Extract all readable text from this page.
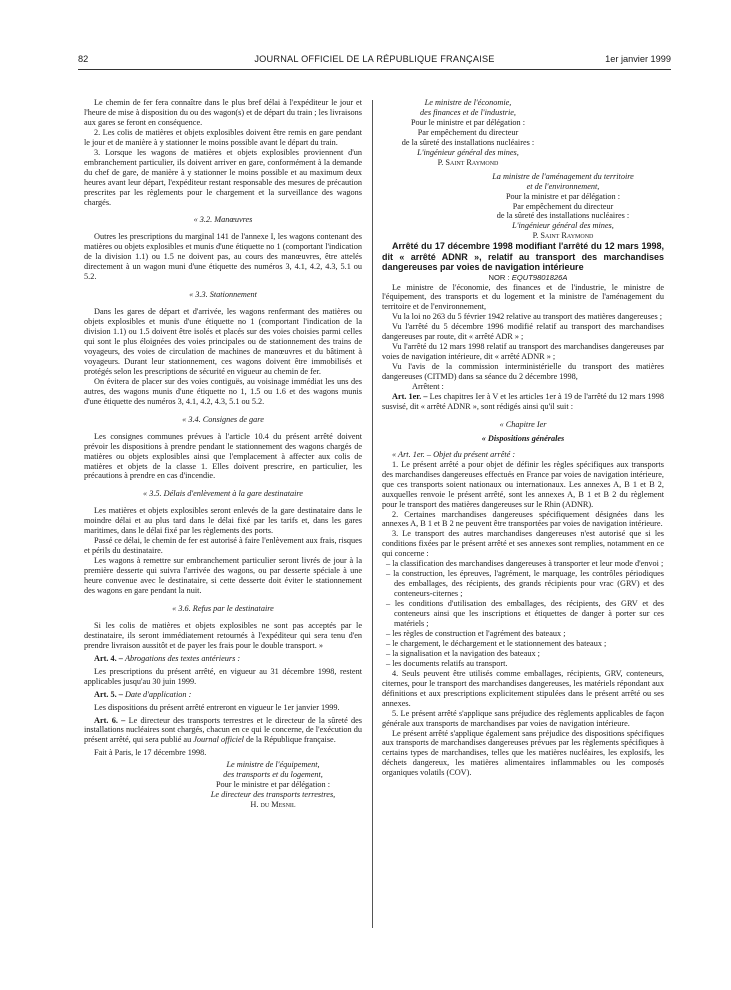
82	JOURNAL OFFICIEL DE LA RÉPUBLIQUE FRANÇAISE	1er janvier 1999

Le chemin de fer fera connaître dans le plus bref délai à l'expéditeur le jour et l'heure de mise à disposition du ou des wagon(s) et de départ du train ; les livraisons aux gares se feront en conséquence.

2. Les colis de matières et objets explosibles doivent être remis en gare pendant le jour et de manière à y stationner le moins possible avant le départ du train.

3. Lorsque les wagons de matières et objets explosibles proviennent d'un embranchement particulier, ils doivent arriver en gare, conformément à la demande du chef de gare, de manière à y stationner le moins possible et au maximum deux heures avant leur départ, l'expéditeur restant responsable des mesures de précaution prescrites par les règlements pour le chargement et la surveillance des wagons chargés.

« 3.2. Manœuvres

Outres les prescriptions du marginal 141 de l'annexe I, les wagons contenant des matières ou objets explosibles et munis d'une étiquette no 1 (comportant l'indication de la division 1.1) ou 1.5 ne doivent pas, au cours des manœuvres, être attelés directement à un wagon muni d'une étiquette des numéros 3, 4.1, 4.2, 4.3, 5.1 ou 5.2.

« 3.3. Stationnement

Dans les gares de départ et d'arrivée, les wagons renfermant des matières ou objets explosibles et munis d'une étiquette no 1 (comportant l'indication de la division 1.1) ou 1.5 doivent être isolés et placés sur des voies choisies parmi celles qui sont le plus éloignées des voies principales ou de stationnement des trains de voyageurs, des voies de circulation de machines de manœuvres et du bâtiment à voyageurs. Durant leur stationnement, ces wagons doivent être immobilisés et protégés selon les prescriptions de sécurité en vigueur au chemin de fer.

On évitera de placer sur des voies contiguës, au voisinage immédiat les uns des autres, des wagons munis d'une étiquette no 1, 1.5 ou 1.6 et des wagons munis d'une étiquette des numéros 3, 4.1, 4.2, 4.3, 5.1 ou 5.2.

« 3.4. Consignes de gare

Les consignes communes prévues à l'article 10.4 du présent arrêté doivent prévoir les dispositions à prendre pendant le stationnement des wagons chargés de matières ou objets explosibles ainsi que l'emplacement à affecter aux colis de matières et objets de la classe 1. Elles doivent prescrire, en particulier, les précautions à prendre en cas d'incendie.

« 3.5. Délais d'enlèvement à la gare destinataire

Les matières et objets explosibles seront enlevés de la gare destinataire dans le moindre délai et au plus tard dans le délai fixé par les tarifs et, dans les gares maritimes, dans le délai fixé par les règlements des ports.

Passé ce délai, le chemin de fer est autorisé à faire l'enlèvement aux frais, risques et périls du destinataire.

Les wagons à remettre sur embranchement particulier seront livrés de jour à la première desserte qui suivra l'arrivée des wagons, ou par desserte spéciale à une heure convenue avec le destinataire, si cette desserte doit éviter le stationnement des wagons en gare pendant la nuit.

« 3.6. Refus par le destinataire

Si les colis de matières et objets explosibles ne sont pas acceptés par le destinataire, ils seront immédiatement retournés à l'expéditeur qui sera tenu d'en prendre livraison aussitôt et de payer les frais pour le double transport. »

Art. 4. – Abrogations des textes antérieurs :

Les prescriptions du présent arrêté, en vigueur au 31 décembre 1998, restent applicables jusqu'au 30 juin 1999.

Art. 5. – Date d'application :

Les dispositions du présent arrêté entreront en vigueur le 1er janvier 1999.

Art. 6. – Le directeur des transports terrestres et le directeur de la sûreté des installations nucléaires sont chargés, chacun en ce qui le concerne, de l'exécution du présent arrêté, qui sera publié au Journal officiel de la République française.

Fait à Paris, le 17 décembre 1998.

Le ministre de l'équipement,

des transports et du logement,

Pour le ministre et par délégation :

Le directeur des transports terrestres,

H. du Mesnil

Le ministre de l'économie,

des finances et de l'industrie,

Pour le ministre et par délégation :

Par empêchement du directeur

de la sûreté des installations nucléaires :

L'ingénieur général des mines,

P. Saint Raymond

La ministre de l'aménagement du territoire

et de l'environnement,

Pour la ministre et par délégation :

Par empêchement du directeur

de la sûreté des installations nucléaires :

L'ingénieur général des mines,

P. Saint Raymond

Arrêté du 17 décembre 1998 modifiant l'arrêté du 12 mars 1998, dit « arrêté ADNR », relatif au transport des marchandises dangereuses par voies de navigation intérieure

NOR : EQUT9801826A

Le ministre de l'économie, des finances et de l'industrie, le ministre de l'équipement, des transports et du logement et la ministre de l'aménagement du territoire et de l'environnement,

Vu la loi no 263 du 5 février 1942 relative au transport des matières dangereuses ;

Vu l'arrêté du 5 décembre 1996 modifié relatif au transport des marchandises dangereuses par route, dit « arrêté ADR » ;

Vu l'arrêté du 12 mars 1998 relatif au transport des marchandises dangereuses par voies de navigation intérieure, dit « arrêté ADNR » ;

Vu l'avis de la commission interministérielle du transport des matières dangereuses (CITMD) dans sa séance du 2 décembre 1998,

Arrêtent :

Art. 1er. – Les chapitres Ier à V et les articles 1er à 19 de l'arrêté du 12 mars 1998 susvisé, dit « arrêté ADNR », sont rédigés ainsi qu'il suit :

« Chapitre Ier

« Dispositions générales

« Art. 1er. – Objet du présent arrêté :

1. Le présent arrêté a pour objet de définir les règles spécifiques aux transports des marchandises dangereuses effectués en France par voies de navigation intérieure, que ces transports soient nationaux ou internationaux. Les annexes A, B 1 et B 2, auxquelles renvoie le présent arrêté, sont les annexes A, B 1 et B 2 du règlement pour le transport des matières dangereuses sur le Rhin (ADNR).

2. Certaines marchandises dangereuses spécifiquement désignées dans les annexes A, B 1 et B 2 ne peuvent être transportées par voies de navigation intérieure.

3. Le transport des autres marchandises dangereuses n'est autorisé que si les conditions fixées par le présent arrêté et ses annexes sont remplies, notamment en ce qui concerne :

– la classification des marchandises dangereuses à transporter et leur mode d'envoi ;
– la construction, les épreuves, l'agrément, le marquage, les contrôles périodiques des emballages, des récipients, des grands récipients pour vrac (GRV) et des conteneurs-citernes ;
– les conditions d'utilisation des emballages, des récipients, des GRV et des conteneurs ainsi que les inscriptions et étiquettes de danger à porter sur ces matériels ;
– les règles de construction et l'agrément des bateaux ;
– le chargement, le déchargement et le stationnement des bateaux ;
– la signalisation et la navigation des bateaux ;
– les documents relatifs au transport.

4. Seuls peuvent être utilisés comme emballages, récipients, GRV, conteneurs, citernes, pour le transport des marchandises dangereuses, les matériels répondant aux définitions et aux prescriptions explicitement stipulées dans le présent arrêté ou ses annexes.

5. Le présent arrêté s'applique sans préjudice des règlements applicables de façon générale aux transports de marchandises par voies de navigation intérieure.

Le présent arrêté s'applique également sans préjudice des dispositions spécifiques aux transports de marchandises dangereuses prévues par les règlements spécifiques à certains types de marchandises, telles que les matières nucléaires, les explosifs, les déchets dangereux, les matières alimentaires inflammables ou les composés organiques volatils (COV).
